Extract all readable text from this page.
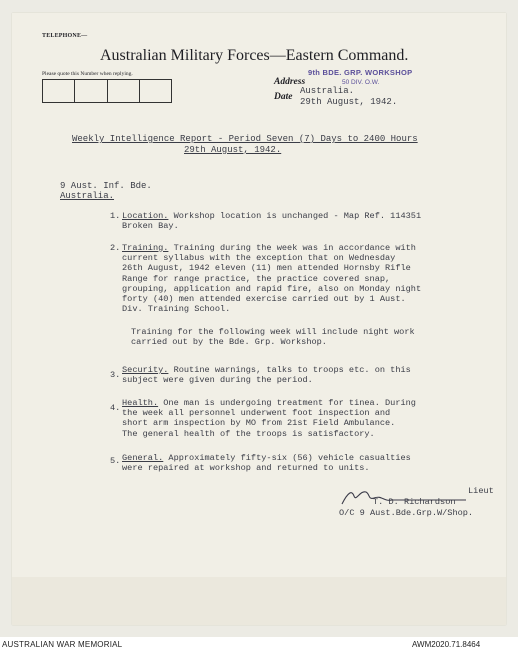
TELEPHONE—
Australian Military Forces—Eastern Command.
Please quote this Number when replying.	9th BDE. GRP. WORKSHOP
50 DIV. O.W.
Address
Australia.
Date 29th August, 1942.
Weekly Intelligence Report - Period Seven (7) Days to 2400 Hours
29th August, 1942.
9 Aust. Inf. Bde.
Australia.
1. Location. Workshop location is unchanged - Map Ref. 114351
Broken Bay.
2. Training. Training during the week was in accordance with
current syllabus with the exception that on Wednesday
26th August, 1942 eleven (11) men attended Hornsby Rifle
Range for range practice, the practice covered snap,
grouping, application and rapid fire, also on Monday night
forty (40) men attended exercise carried out by 1 Aust.
Div. Training School.
Training for the following week will include night work
carried out by the Bde. Grp. Workshop.
3. Security. Routine warnings, talks to troops etc. on this
subject were given during the period.
4. Health. One man is undergoing treatment for tinea. During
the week all personnel underwent foot inspection and
short arm inspection by MO from 21st Field Ambulance.
The general health of the troops is satisfactory.
5. General. Approximately fifty-six (56) vehicle casualties
were repaired at workshop and returned to units.
Lieut
T. D. Richardson
O/C 9 Aust.Bde.Grp.W/Shop.
AUSTRALIAN WAR MEMORIAL	AWM2020.71.8464
